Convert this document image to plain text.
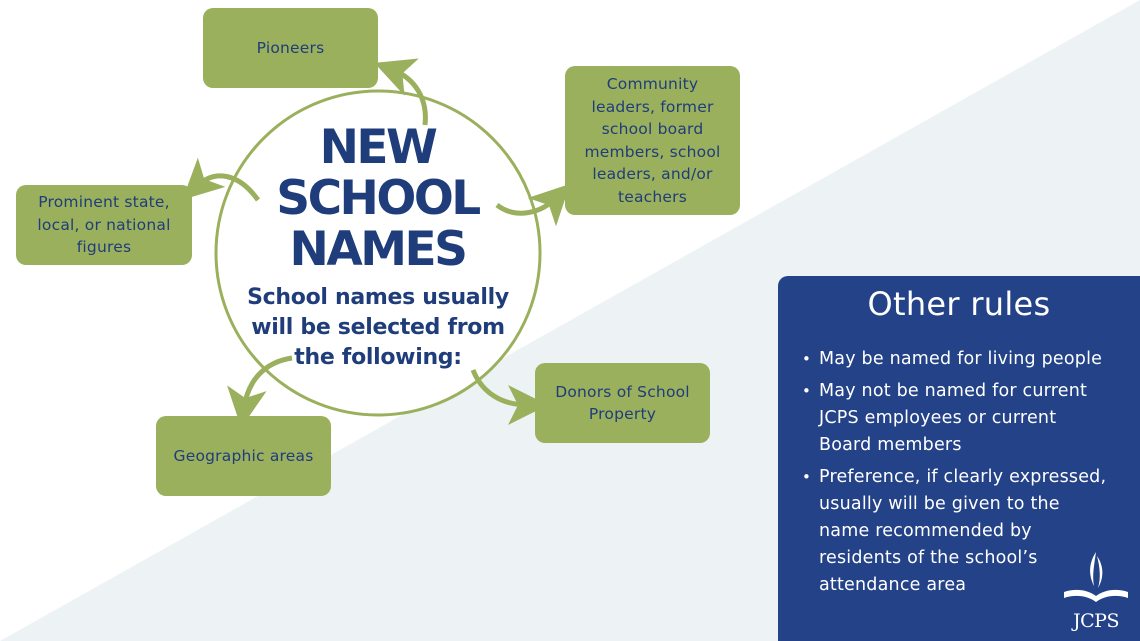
Pioneers
Community
leaders, former
school board
members, school
leaders, and/or
teachers
Prominent state,
local, or national
figures
Geographic areas
Donors of School
Property
NEW
SCHOOL
NAMES
School names usually
will be selected from
the following:
Other rules
• May be named for living people
• May not be named for current
JCPS employees or current
Board members
• Preference, if clearly expressed,
usually will be given to the
name recommended by
residents of the school’s
attendance area
JCPS
